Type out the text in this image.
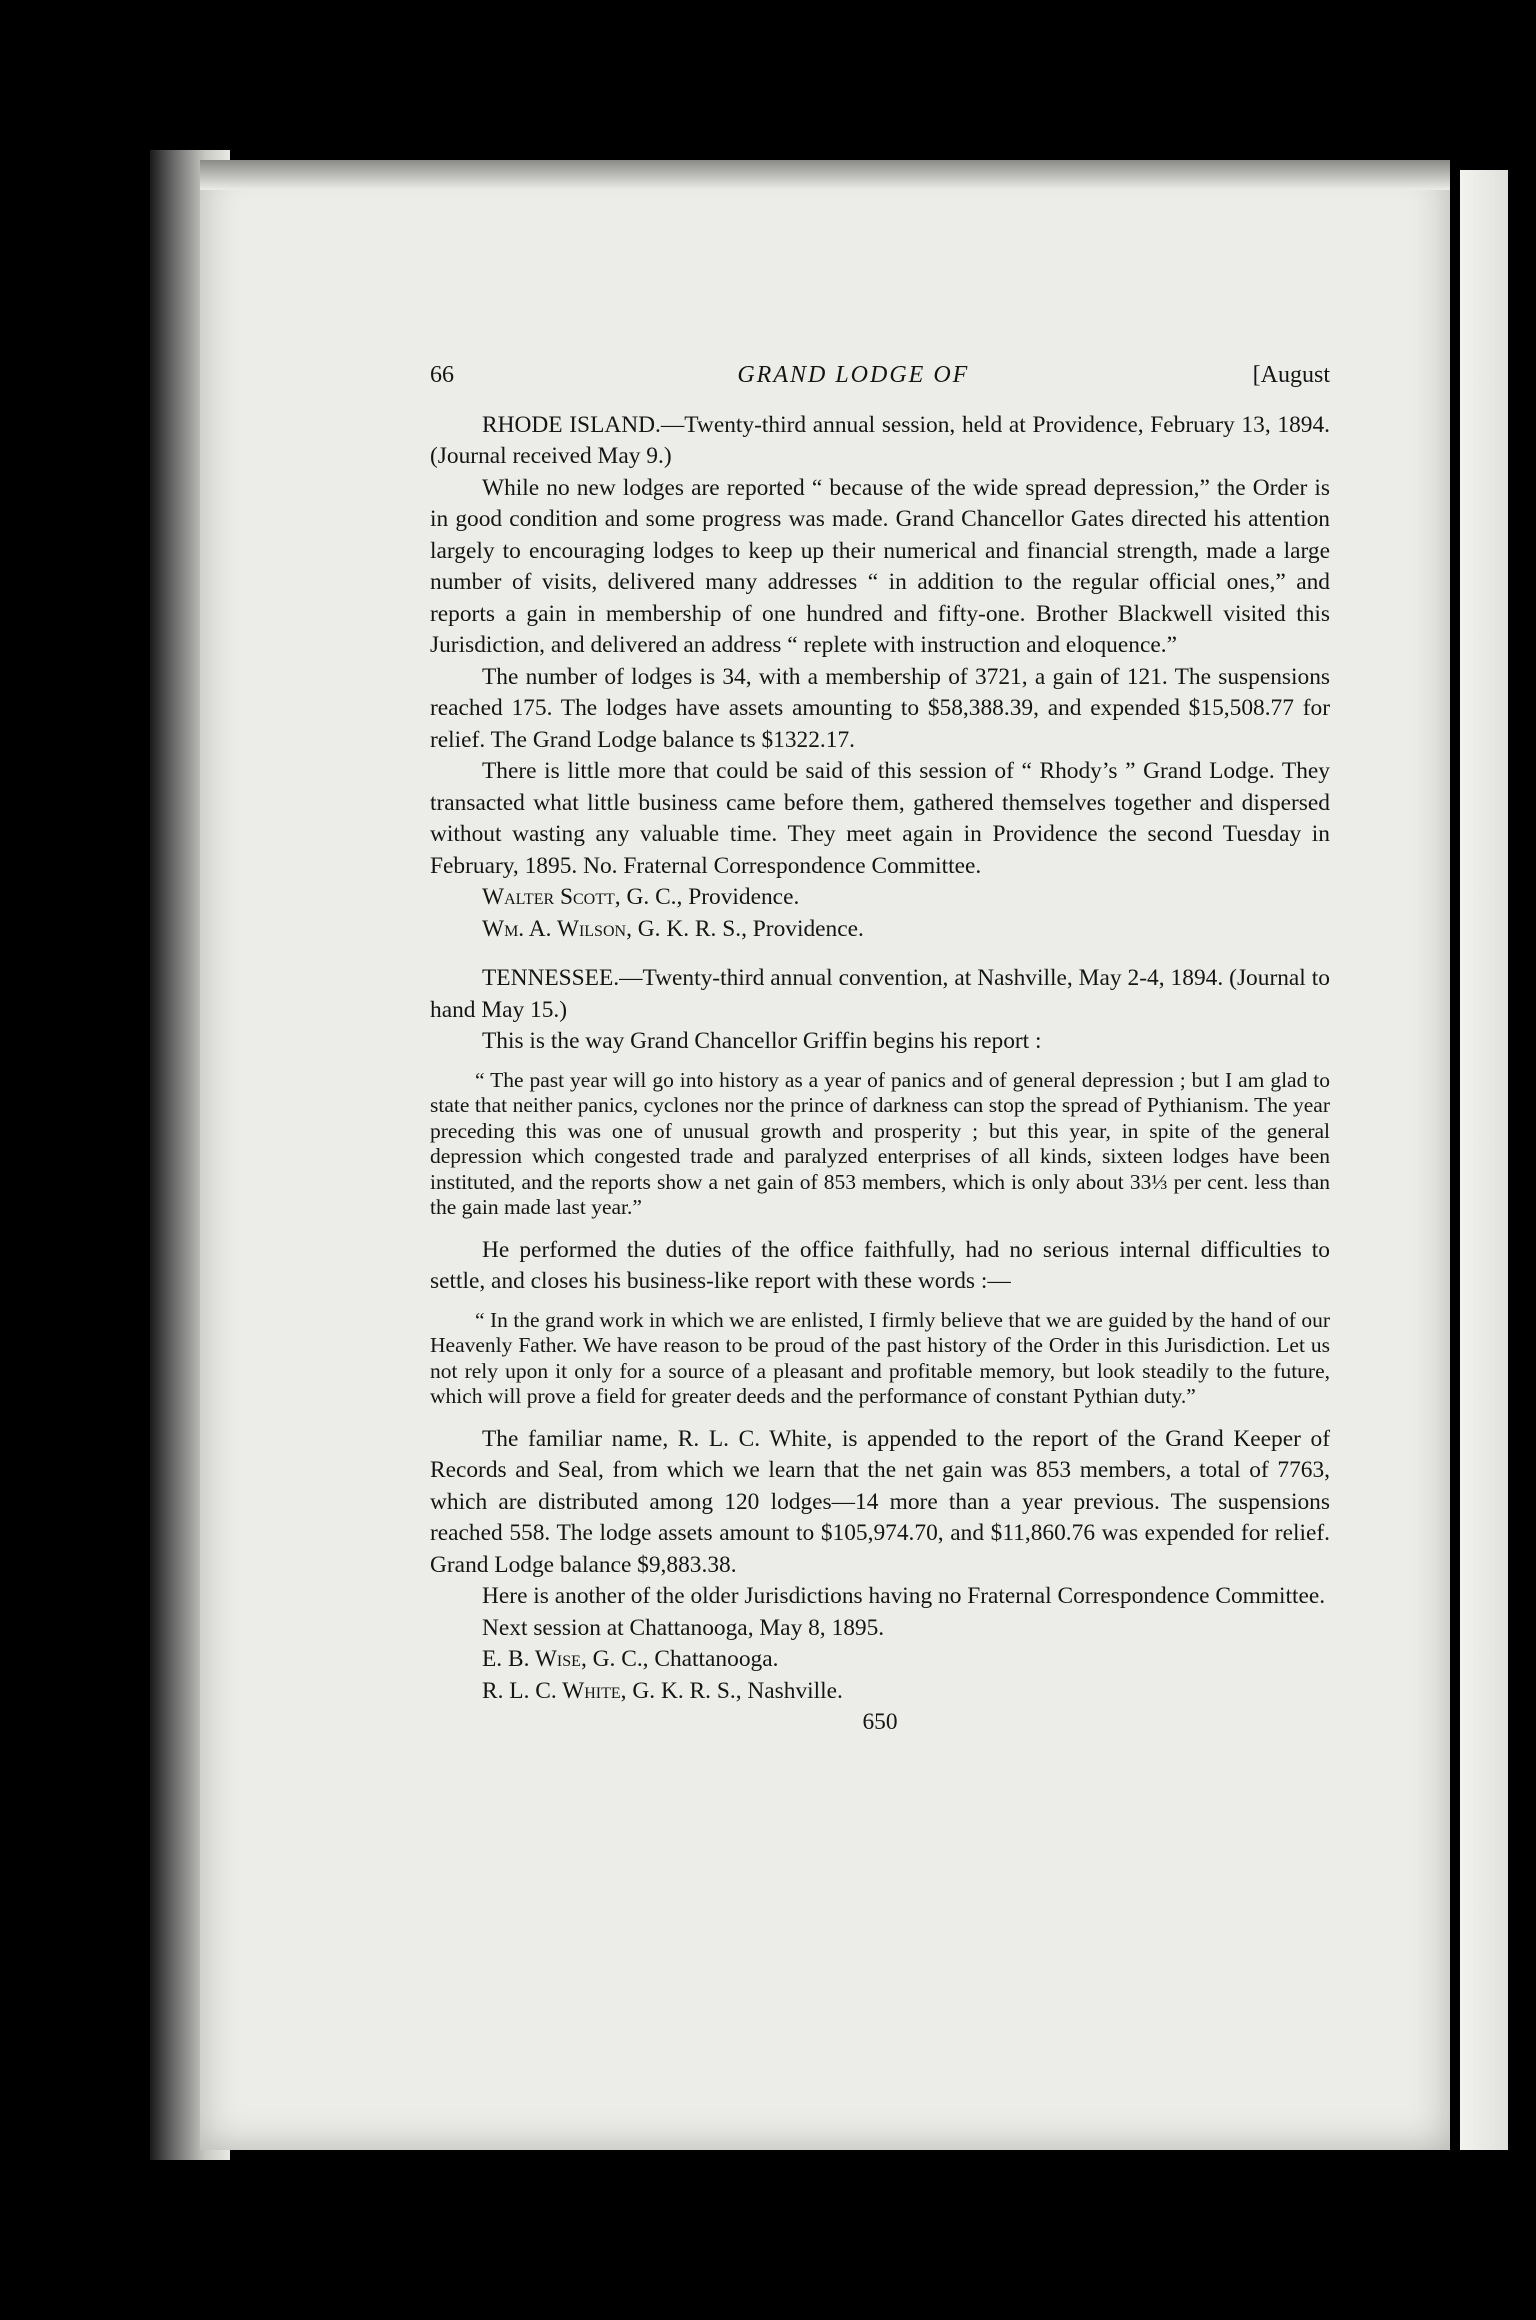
66	GRAND LODGE OF	[August

RHODE ISLAND.—Twenty-third annual session, held at Providence, February 13, 1894. (Journal received May 9.)

While no new lodges are reported “ because of the wide spread depression,” the Order is in good condition and some progress was made. Grand Chancellor Gates directed his attention largely to encouraging lodges to keep up their numerical and financial strength, made a large number of visits, delivered many addresses “ in addition to the regular official ones,” and reports a gain in membership of one hundred and fifty-one. Brother Blackwell visited this Jurisdiction, and delivered an address “ replete with instruction and eloquence.”

The number of lodges is 34, with a membership of 3721, a gain of 121. The suspensions reached 175. The lodges have assets amounting to $58,388.39, and expended $15,508.77 for relief. The Grand Lodge balance ts $1322.17.

There is little more that could be said of this session of “ Rhody’s ” Grand Lodge. They transacted what little business came before them, gathered themselves together and dispersed without wasting any valuable time. They meet again in Providence the second Tuesday in February, 1895. No. Fraternal Correspondence Committee.

Walter Scott, G. C., Providence.
Wm. A. Wilson, G. K. R. S., Providence.

TENNESSEE.—Twenty-third annual convention, at Nashville, May 2-4, 1894. (Journal to hand May 15.)

This is the way Grand Chancellor Griffin begins his report :

“ The past year will go into history as a year of panics and of general depression ; but I am glad to state that neither panics, cyclones nor the prince of darkness can stop the spread of Pythianism. The year preceding this was one of unusual growth and prosperity ; but this year, in spite of the general depression which congested trade and paralyzed enterprises of all kinds, sixteen lodges have been instituted, and the reports show a net gain of 853 members, which is only about 33⅓ per cent. less than the gain made last year.”

He performed the duties of the office faithfully, had no serious internal difficulties to settle, and closes his business-like report with these words :—

“ In the grand work in which we are enlisted, I firmly believe that we are guided by the hand of our Heavenly Father. We have reason to be proud of the past history of the Order in this Jurisdiction. Let us not rely upon it only for a source of a pleasant and profitable memory, but look steadily to the future, which will prove a field for greater deeds and the performance of constant Pythian duty.”

The familiar name, R. L. C. White, is appended to the report of the Grand Keeper of Records and Seal, from which we learn that the net gain was 853 members, a total of 7763, which are distributed among 120 lodges—14 more than a year previous. The suspensions reached 558. The lodge assets amount to $105,974.70, and $11,860.76 was expended for relief. Grand Lodge balance $9,883.38.

Here is another of the older Jurisdictions having no Fraternal Correspondence Committee.

Next session at Chattanooga, May 8, 1895.

E. B. Wise, G. C., Chattanooga.
R. L. C. White, G. K. R. S., Nashville.
650
